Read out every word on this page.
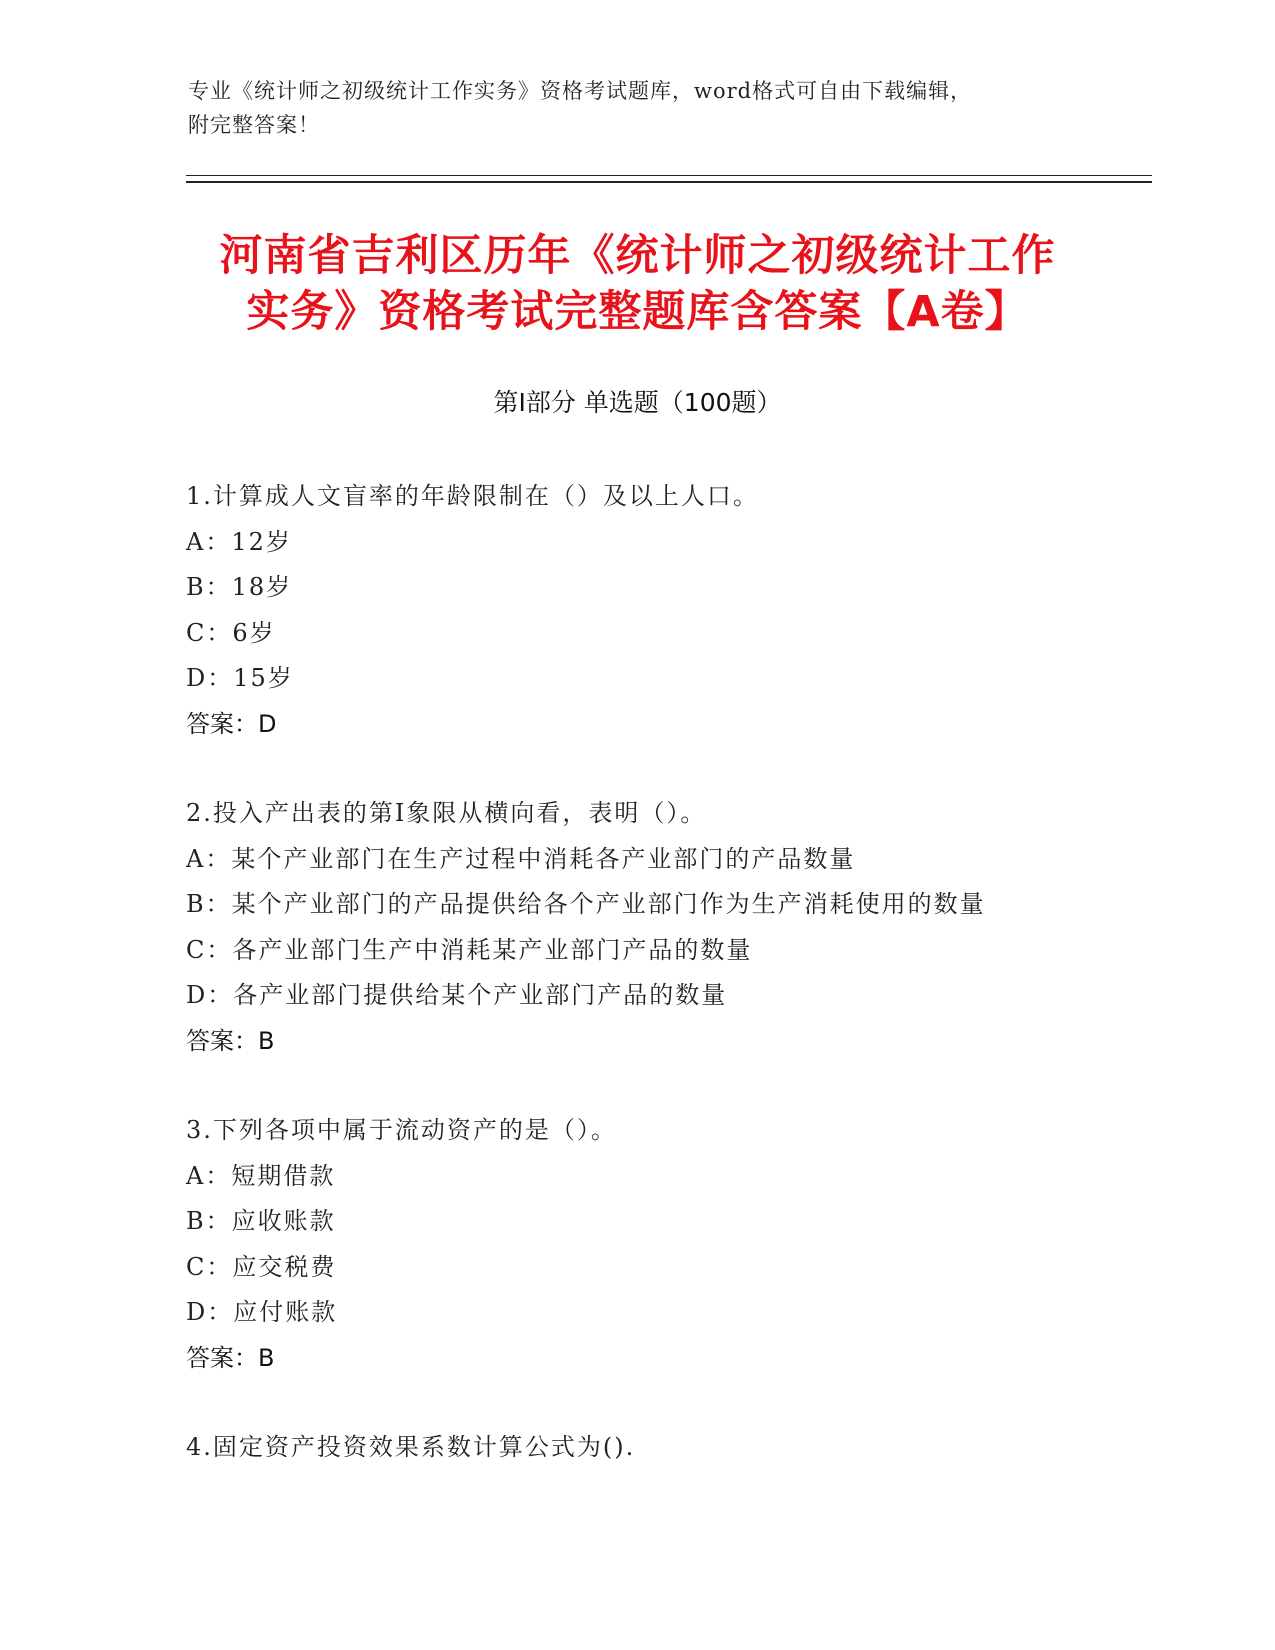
专业《统计师之初级统计工作实务》资格考试题库，word格式可自由下载编辑，
附完整答案！
河南省吉利区历年《统计师之初级统计工作
实务》资格考试完整题库含答案【A卷】
第I部分 单选题（100题）
1.计算成人文盲率的年龄限制在（）及以上人口。
A：12岁
B：18岁
C：6岁
D：15岁
答案：D
2.投入产出表的第I象限从横向看，表明（）。
A：某个产业部门在生产过程中消耗各产业部门的产品数量
B：某个产业部门的产品提供给各个产业部门作为生产消耗使用的数量
C：各产业部门生产中消耗某产业部门产品的数量
D：各产业部门提供给某个产业部门产品的数量
答案：B
3.下列各项中属于流动资产的是（）。
A：短期借款
B：应收账款
C：应交税费
D：应付账款
答案：B
4.固定资产投资效果系数计算公式为().
